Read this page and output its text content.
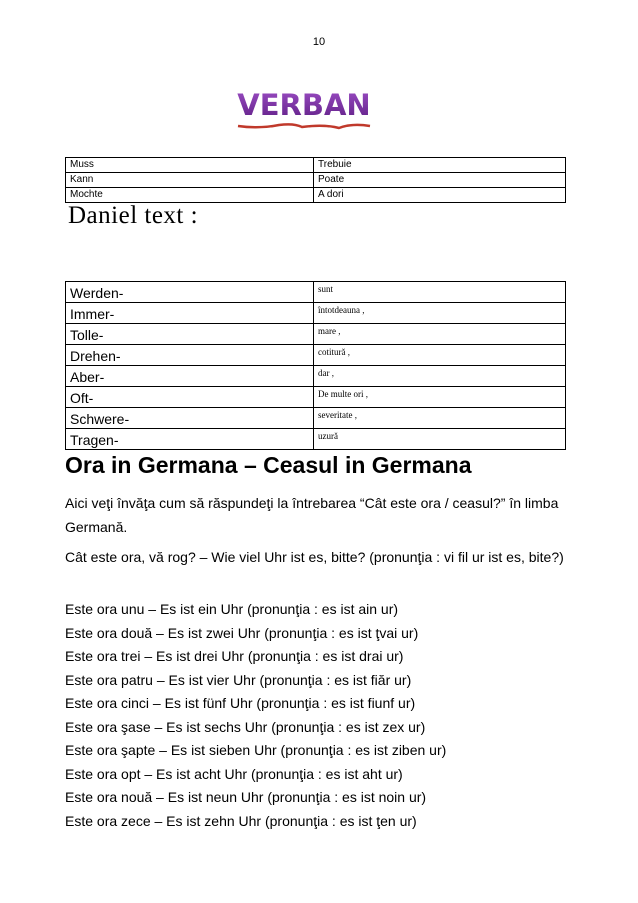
10
VERBAN
Muss	Trebuie
Kann	Poate
Mochte	A dori
Daniel text :
Werden-	sunt
Immer-	întotdeauna ,
Tolle-	mare ,
Drehen-	cotitură ,
Aber-	dar ,
Oft-	De multe ori ,
Schwere-	severitate ,
Tragen-	uzură
Ora in Germana – Ceasul in Germana
Aici veţi învăţa cum să răspundeţi la întrebarea “Cât este ora / ceasul?” în limba Germană.
Cât este ora, vă rog? – Wie viel Uhr ist es, bitte? (pronunţia : vi fil ur ist es, bite?)

Este ora unu – Es ist ein Uhr (pronunţia : es ist ain ur)

Este ora două – Es ist zwei Uhr (pronunţia : es ist ţvai ur)

Este ora trei – Es ist drei Uhr (pronunţia : es ist drai ur)

Este ora patru – Es ist vier Uhr (pronunţia : es ist fiăr ur)

Este ora cinci – Es ist fünf Uhr (pronunţia : es ist fiunf ur)

Este ora şase – Es ist sechs Uhr (pronunţia : es ist zex ur)

Este ora şapte – Es ist sieben Uhr (pronunţia : es ist ziben ur)

Este ora opt – Es ist acht Uhr (pronunţia : es ist aht ur)

Este ora nouă – Es ist neun Uhr (pronunţia : es ist noin ur)

Este ora zece – Es ist zehn Uhr (pronunţia : es ist ţen ur)
